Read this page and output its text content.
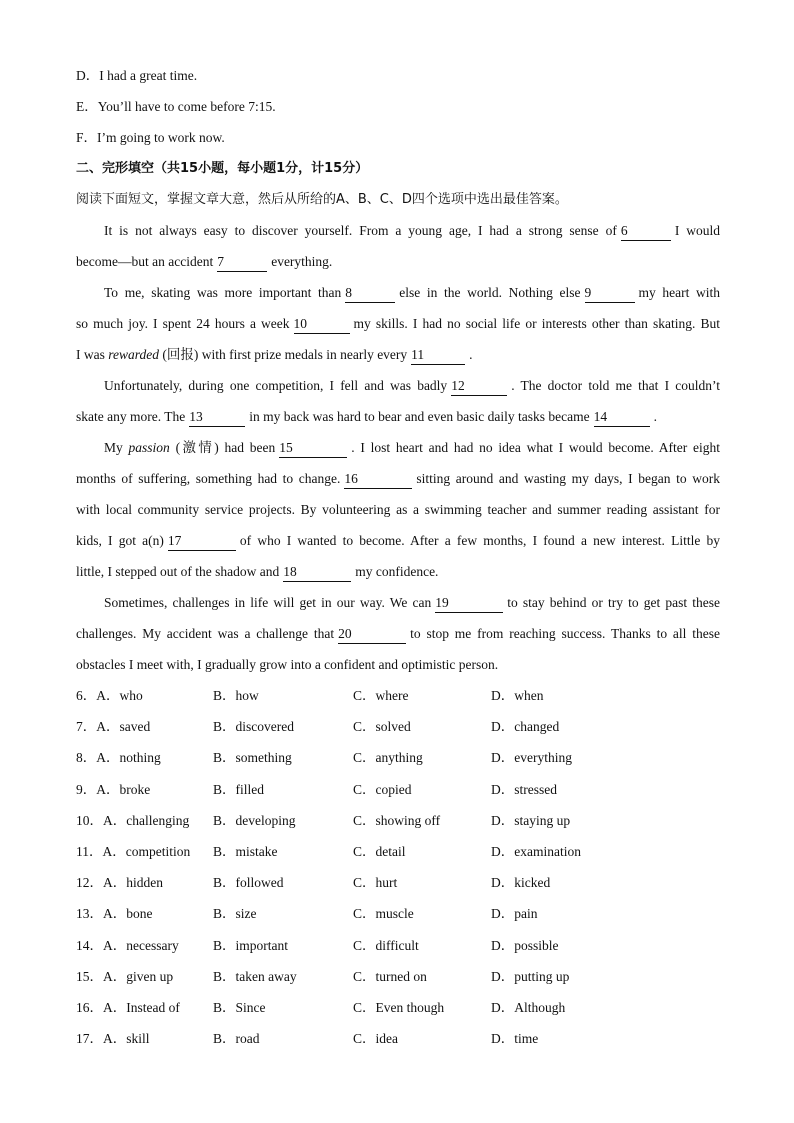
D．I had a great time.
E．You’ll have to come before 7:15.
F．I’m going to work now.
二、完形填空（共15小题，每小题1分，计15分）
阅读下面短文，掌握文章大意，然后从所给的A、B、C、D四个选项中选出最佳答案。
It is not always easy to discover yourself. From a young age, I had a strong sense of 6	I would
become—but an accident 7	everything.
To me, skating was more important than 8	else in the world. Nothing else 9	my heart with
so much joy. I spent 24 hours a week 10	my skills. I had no social life or interests other than skating. But
I was rewarded (回报) with first prize medals in nearly every 11	.
Unfortunately, during one competition, I fell and was badly 12	. The doctor told me that I couldn’t
skate any more. The 13	in my back was hard to bear and even basic daily tasks became 14	.
My passion (激情) had been 15	. I lost heart and had no idea what I would become. After eight
months of suffering, something had to change. 16	sitting around and wasting my days, I began to work
with local community service projects. By volunteering as a swimming teacher and summer reading assistant for
kids, I got a(n) 17	of who I wanted to become. After a few months, I found a new interest. Little by
little, I stepped out of the shadow and 18	my confidence.
Sometimes, challenges in life will get in our way. We can 19	to stay behind or try to get past these
challenges. My accident was a challenge that 20	to stop me from reaching success. Thanks to all these
obstacles I meet with, I gradually grow into a confident and optimistic person.
6．A．who	B．how	C．where	D．when
7．A．saved	B．discovered	C．solved	D．changed
8．A．nothing	B．something	C．anything	D．everything
9．A．broke	B．filled	C．copied	D．stressed
10．A．challenging	B．developing	C．showing off	D．staying up
11．A．competition	B．mistake	C．detail	D．examination
12．A．hidden	B．followed	C．hurt	D．kicked
13．A．bone	B．size	C．muscle	D．pain
14．A．necessary	B．important	C．difficult	D．possible
15．A．given up	B．taken away	C．turned on	D．putting up
16．A．Instead of	B．Since	C．Even though	D．Although
17．A．skill	B．road	C．idea	D．time
